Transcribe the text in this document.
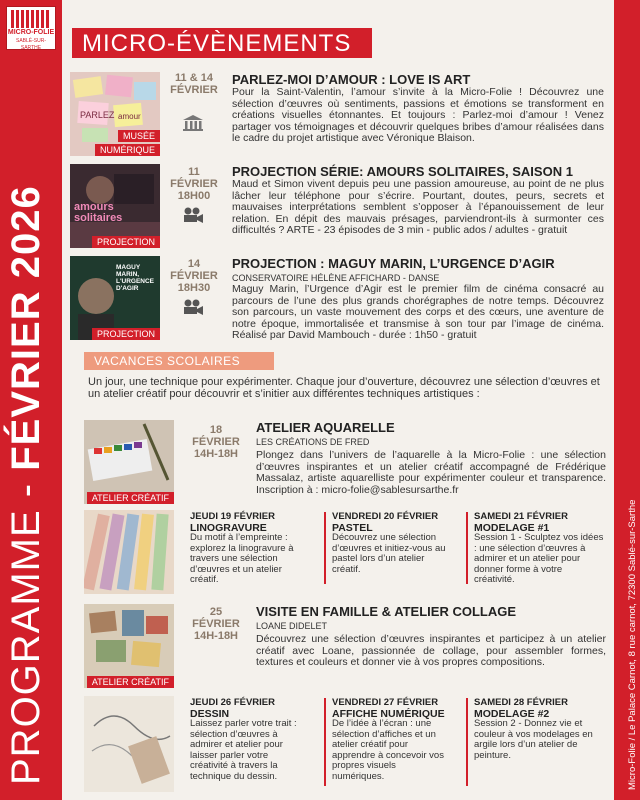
MICRO-FOLIE
SABLÉ-SUR-SARTHE
PROGRAMME - FÉVRIER 2026
Micro-Folie / Le Palace Carnot, 8 rue carnot, 72300 Sablé-sur-Sarthe
MICRO-ÉVÈNEMENTS
PARLEZ amour
MUSÉE
NUMÉRIQUE
11 & 14
FÉVRIER
PARLEZ-MOI D’AMOUR : LOVE IS ART
Pour la Saint-Valentin, l’amour s’invite à la Micro-Folie ! Découvrez une sélection d’œuvres où sentiments, passions et émotions se transforment en créations visuelles étonnantes. Et toujours : Parlez-moi d’amour ! Venez partager vos témoignages et découvrir quelques bribes d’amour réalisées dans le cadre du projet artistique avec Véronique Blaison.
amours solitaires
PROJECTION
11
FÉVRIER
18H00
PROJECTION SÉRIE: AMOURS SOLITAIRES, SAISON 1
Maud et Simon vivent depuis peu une passion amoureuse, au point de ne plus lâcher leur téléphone pour s’écrire. Pourtant, doutes, peurs, secrets et mauvaises interprétations semblent s’opposer à l’épanouissement de leur relation. En dépit des mauvais présages, parviendront-ils à surmonter ces difficultés ? ARTE - 23 épisodes de 3 min - public ados / adultes - gratuit
MAGUY MARIN, L'URGENCE D'AGIR
PROJECTION
14
FÉVRIER
18H30
PROJECTION : MAGUY MARIN, L’URGENCE D’AGIR
CONSERVATOIRE HÉLÈNE AFFICHARD - DANSE
Maguy Marin, l’Urgence d’Agir est le premier film de cinéma consacré au parcours de l’une des plus grands chorégraphes de notre temps. Découvrez son parcours, un vaste mouvement des corps et des cœurs, une aventure de notre époque, immortalisée et transmise à son tour par l’image de cinéma. Réalisé par David Mambouch - durée : 1h50 - gratuit
VACANCES SCOLAIRES
Un jour, une technique pour expérimenter. Chaque jour d’ouverture, découvrez une sélection d’œuvres et un atelier créatif pour découvrir et s’initier aux différentes techniques artistiques :
ATELIER CRÉATIF
18
FÉVRIER
14H-18H
ATELIER AQUARELLE
LES CRÉATIONS DE FRED
Plongez dans l’univers de l’aquarelle à la Micro-Folie : une sélection d’œuvres inspirantes et un atelier créatif accompagné de Frédérique Massalaz, artiste aquarelliste pour expérimenter couleur et transparence. Inscription à : micro-folie@sablesursarthe.fr
JEUDI 19 FÉVRIER
LINOGRAVURE
Du motif à l’empreinte : explorez la linogravure à travers une sélection d’œuvres et un atelier créatif.
VENDREDI 20 FÉVRIER
PASTEL
Découvrez une sélection d’œuvres et initiez-vous au pastel lors d’un atelier créatif.
SAMEDI 21 FÉVRIER
MODELAGE #1
Session 1 - Sculptez vos idées : une sélection d’œuvres à admirer et un atelier pour donner forme à votre créativité.
ATELIER CRÉATIF
25
FÉVRIER
14H-18H
VISITE EN FAMILLE & ATELIER COLLAGE
LOANE DIDELET
Découvrez une sélection d’œuvres inspirantes et participez à un atelier créatif avec Loane, passionnée de collage, pour assembler formes, textures et couleurs et donner vie à vos propres compositions.
JEUDI 26 FÉVRIER
DESSIN
Laissez parler votre trait : sélection d’œuvres à admirer et atelier pour laisser parler votre créativité à travers la technique du dessin.
VENDREDI 27 FÉVRIER
AFFICHE NUMÉRIQUE
De l’idée à l’écran : une sélection d’affiches et un atelier créatif pour apprendre à concevoir vos propres visuels numériques.
SAMEDI 28 FÉVRIER
MODELAGE #2
Session 2 - Donnez vie et couleur à vos modelages en argile lors d’un atelier de peinture.
